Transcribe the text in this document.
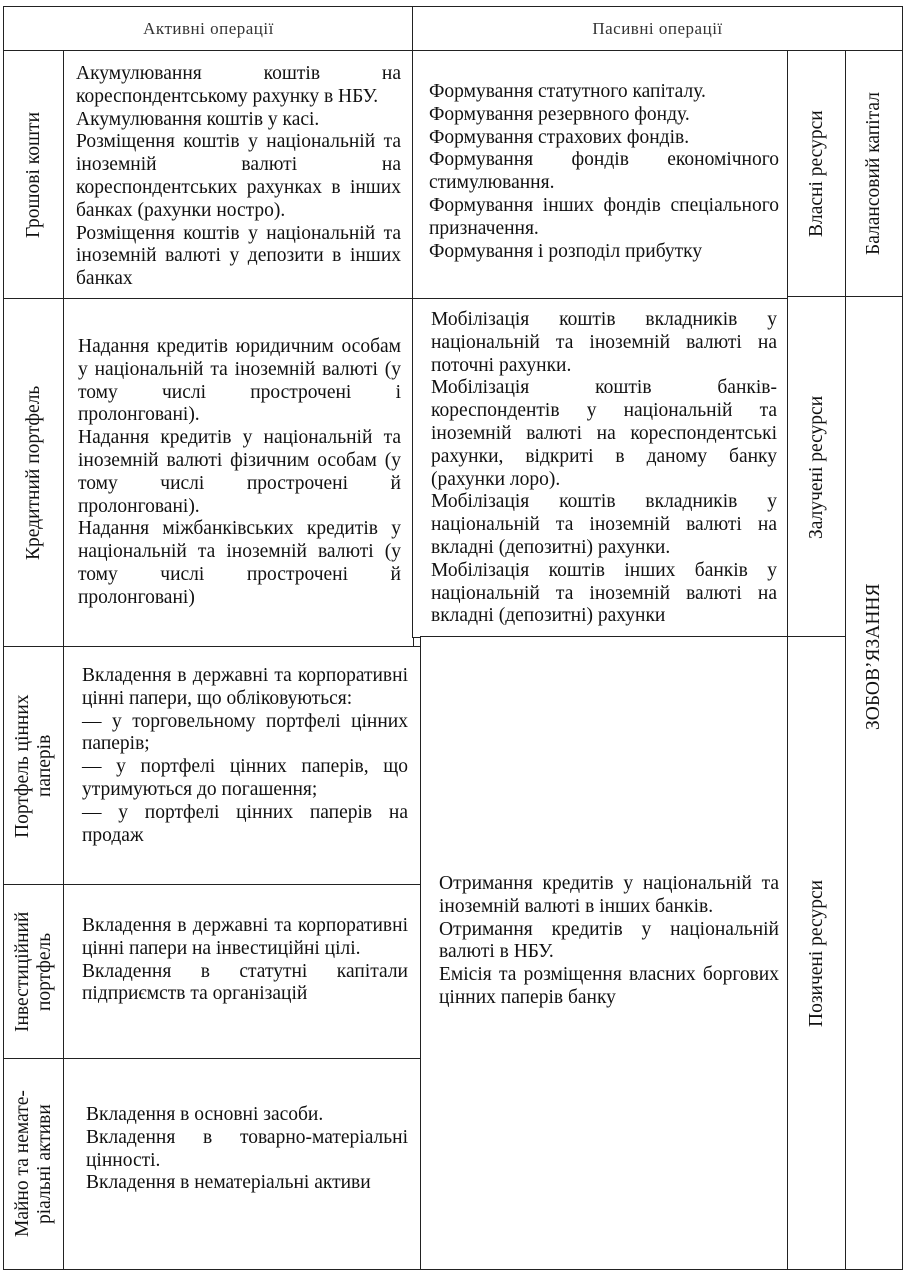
Активні операції	Пасивні операції
Грошові кошти
Кредитний портфель
Портфель цінних
паперів
Інвестиційний
портфель
Майно та немате-
ріальні активи

Акумулювання коштів на кореспондентському рахунку в НБУ.

Акумулювання коштів у касі.

Розміщення коштів у національній та іноземній валюті на кореспондентських рахунках в інших банках (рахунки ностро).

Розміщення коштів у національній та іноземній валюті у депозити в інших банках

Надання кредитів юридичним особам у національній та іноземній валюті (у тому числі прострочені і пролонговані).

Надання кредитів у національній та іноземній валюті фізичним особам (у тому числі прострочені й пролонговані).

Надання міжбанківських кредитів у національній та іноземній валюті (у тому числі прострочені й пролонговані)

Вкладення в державні та корпоративні цінні папери, що обліковуються:

— у торговельному портфелі цінних паперів;

— у портфелі цінних паперів, що утримуються до погашення;

— у портфелі цінних паперів на продаж

Вкладення в державні та корпоративні цінні папери на інвестиційні цілі.

Вкладення в статутні капітали підприємств та організацій

Вкладення в основні засоби.

Вкладення в товарно-матеріальні цінності.

Вкладення в нематеріальні активи

Формування статутного капіталу.

Формування резервного фонду.

Формування страхових фондів.

Формування фондів економічного стимулювання.

Формування інших фондів спеціального призначення.

Формування і розподіл прибутку

Мобілізація коштів вкладників у національній та іноземній валюті на поточні рахунки.

Мобілізація коштів банків-кореспондентів у національній та іноземній валюті на кореспондентські рахунки, відкриті в даному банку (рахунки лоро).

Мобілізація коштів вкладників у національній та іноземній валюті на вкладні (депозитні) рахунки.

Мобілізація коштів інших банків у національній та іноземній валюті на вкладні (депозитні) рахунки

Отримання кредитів у національній та іноземній валюті в інших банків.

Отримання кредитів у національній валюті в НБУ.

Емісія та розміщення власних боргових цінних паперів банку

Власні ресурси
Залучені ресурси
Позичені ресурси
Балансовий капітал
ЗОБОВ’ЯЗАННЯ
